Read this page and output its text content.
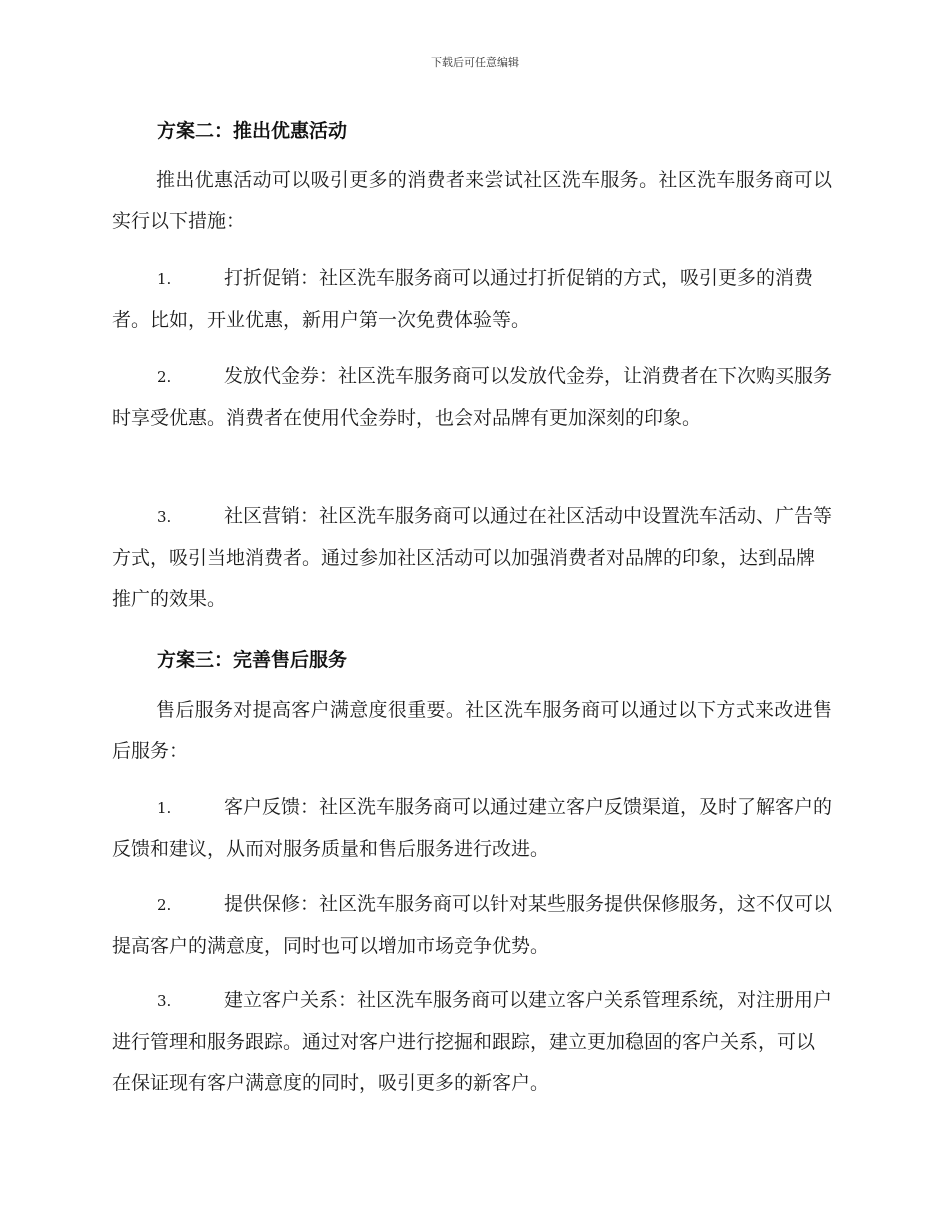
下载后可任意编辑
方案二：推出优惠活动
推出优惠活动可以吸引更多的消费者来尝试社区洗车服务。社区洗车服务商可以实行以下措施：
1.	打折促销：社区洗车服务商可以通过打折促销的方式，吸引更多的消费者。比如，开业优惠，新用户第一次免费体验等。
2.	发放代金券：社区洗车服务商可以发放代金券，让消费者在下次购买服务时享受优惠。消费者在使用代金券时，也会对品牌有更加深刻的印象。
3.	社区营销：社区洗车服务商可以通过在社区活动中设置洗车活动、广告等方式，吸引当地消费者。通过参加社区活动可以加强消费者对品牌的印象，达到品牌推广的效果。
方案三：完善售后服务
售后服务对提高客户满意度很重要。社区洗车服务商可以通过以下方式来改进售后服务：
1.	客户反馈：社区洗车服务商可以通过建立客户反馈渠道，及时了解客户的反馈和建议，从而对服务质量和售后服务进行改进。
2.	提供保修：社区洗车服务商可以针对某些服务提供保修服务，这不仅可以提高客户的满意度，同时也可以增加市场竞争优势。
3.	建立客户关系：社区洗车服务商可以建立客户关系管理系统，对注册用户进行管理和服务跟踪。通过对客户进行挖掘和跟踪，建立更加稳固的客户关系，可以在保证现有客户满意度的同时，吸引更多的新客户。
